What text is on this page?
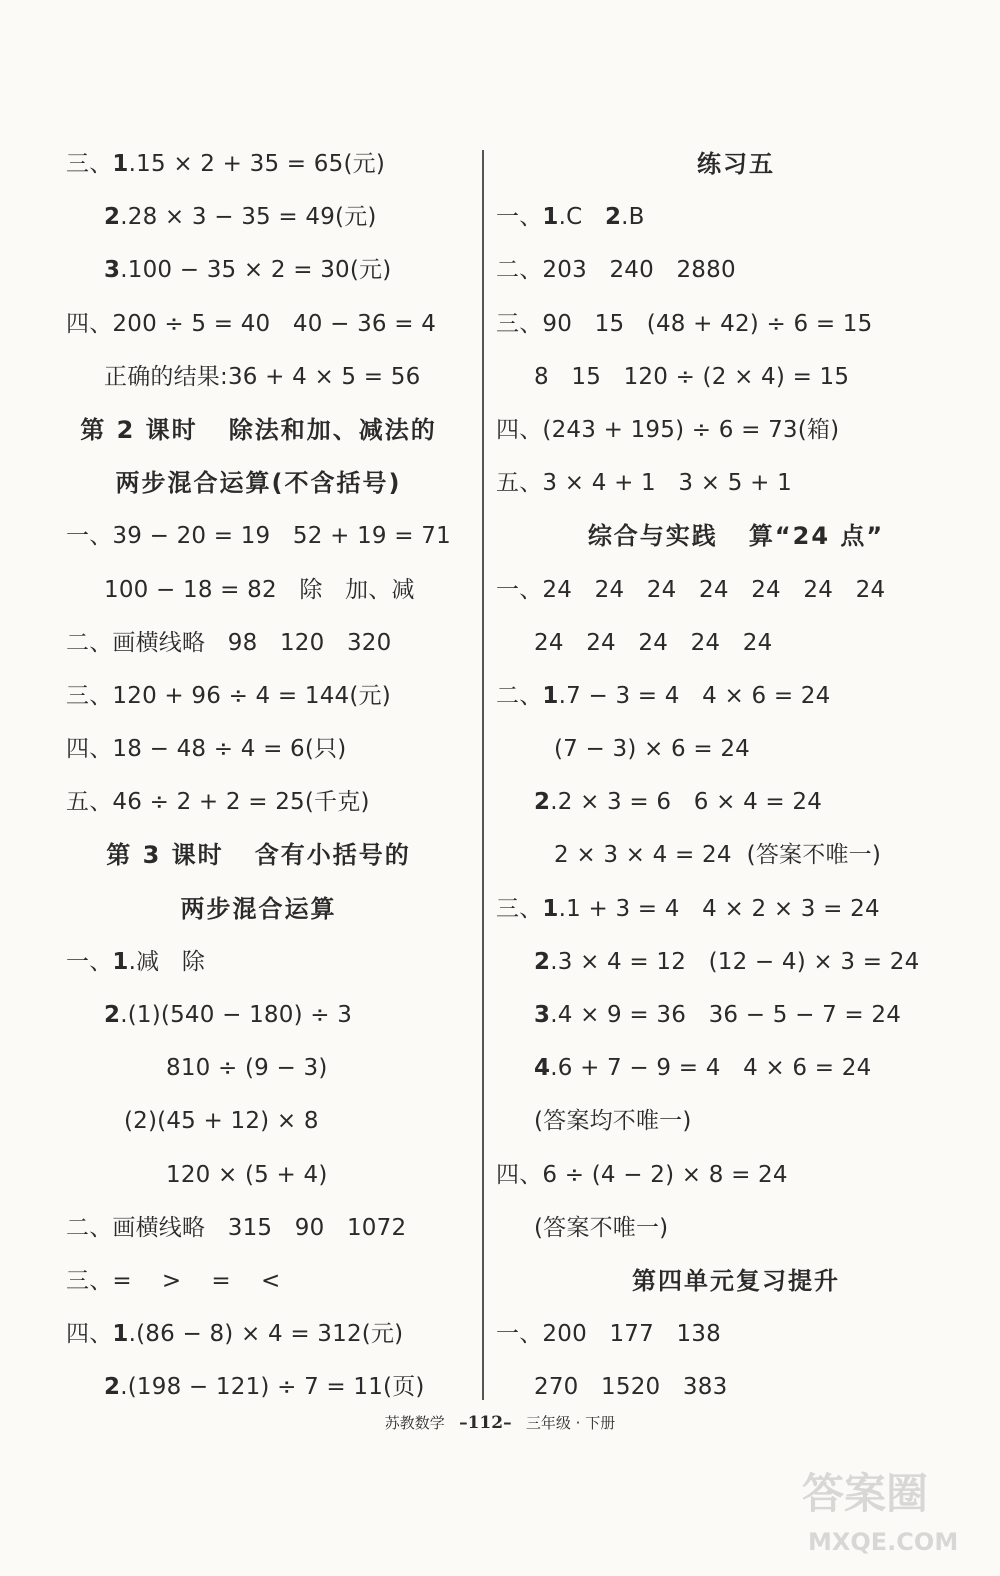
三、1.15 × 2 + 35 = 65(元)
2.28 × 3 − 35 = 49(元)
3.100 − 35 × 2 = 30(元)
四、200 ÷ 5 = 40   40 − 36 = 4
正确的结果:36 + 4 × 5 = 56
第 2 课时   除法和加、减法的
两步混合运算(不含括号)
一、39 − 20 = 19   52 + 19 = 71
100 − 18 = 82   除   加、减
二、画横线略   98   120   320
三、120 + 96 ÷ 4 = 144(元)
四、18 − 48 ÷ 4 = 6(只)
五、46 ÷ 2 + 2 = 25(千克)
第 3 课时   含有小括号的
两步混合运算
一、1.减   除
2.(1)(540 − 180) ÷ 3
810 ÷ (9 − 3)
(2)(45 + 12) × 8
120 × (5 + 4)
二、画横线略   315   90   1072
三、=    >    =    <
四、1.(86 − 8) × 4 = 312(元)
2.(198 − 121) ÷ 7 = 11(页)
练习五
一、1.C   2.B
二、203   240   2880
三、90   15   (48 + 42) ÷ 6 = 15
8   15   120 ÷ (2 × 4) = 15
四、(243 + 195) ÷ 6 = 73(箱)
五、3 × 4 + 1   3 × 5 + 1
综合与实践   算“24 点”
一、24   24   24   24   24   24   24
24   24   24   24   24
二、1.7 − 3 = 4   4 × 6 = 24
(7 − 3) × 6 = 24
2.2 × 3 = 6   6 × 4 = 24
2 × 3 × 4 = 24  (答案不唯一)
三、1.1 + 3 = 4   4 × 2 × 3 = 24
2.3 × 4 = 12   (12 − 4) × 3 = 24
3.4 × 9 = 36   36 − 5 − 7 = 24
4.6 + 7 − 9 = 4   4 × 6 = 24
(答案均不唯一)
四、6 ÷ (4 − 2) × 8 = 24
(答案不唯一)
第四单元复习提升
一、200   177   138
270   1520   383
苏教数学 –112– 三年级 · 下册
答案圈
MXQE.COM
